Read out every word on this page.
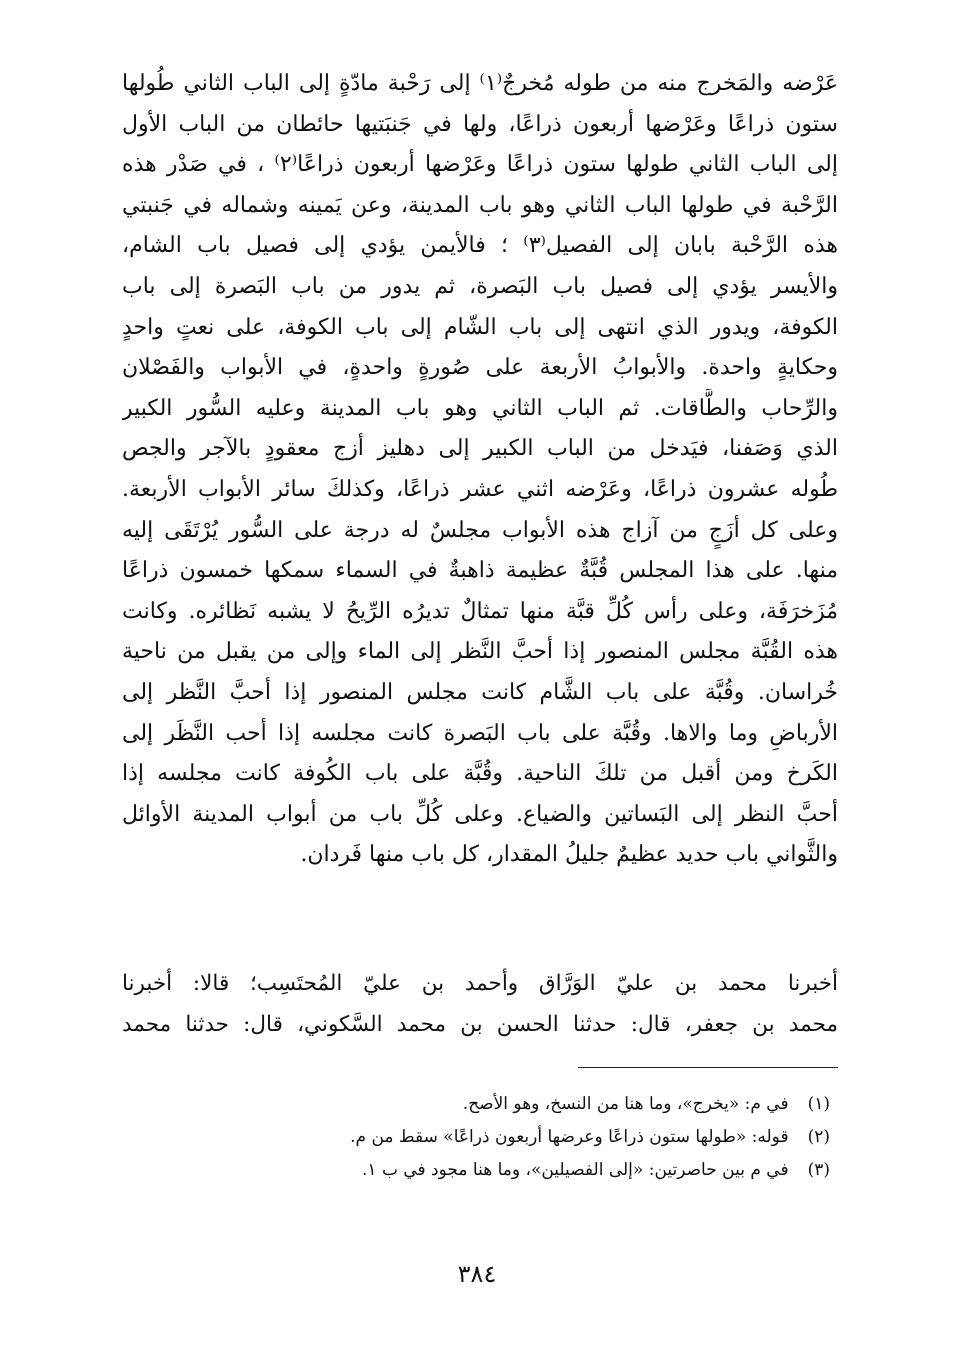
عَرْضه والمَخرج منه من طوله مُخرجٌ⁽١⁾ إلى رَحْبة مادّةٍ إلى الباب الثاني طُولها
ستون ذراعًا وعَرْضها أربعون ذراعًا، ولها في جَنبَتيها حائطان من الباب الأول
إلى الباب الثاني طولها ستون ذراعًا وعَرْضها أربعون ذراعًا⁽٢⁾ ، في صَدْر هذه
الرَّحْبة في طولها الباب الثاني وهو باب المدينة، وعن يَمينه وشماله في جَنبتي
هذه الرَّحْبة بابان إلى الفصيل⁽٣⁾ ؛ فالأيمن يؤدي إلى فصيل باب الشام،
والأيسر يؤدي إلى فصيل باب البَصرة، ثم يدور من باب البَصرة إلى باب
الكوفة، ويدور الذي انتهى إلى باب الشّام إلى باب الكوفة، على نعتٍ واحدٍ
وحكايةٍ واحدة. والأبوابُ الأربعة على صُورةٍ واحدةٍ، في الأبواب والفَصْلان
والرِّحاب والطَّاقات. ثم الباب الثاني وهو باب المدينة وعليه السُّور الكبير
الذي وَصَفنا، فيَدخل من الباب الكبير إلى دهليز أزج معقودٍ بالآجر والجص
طُوله عشرون ذراعًا، وعَرْضه اثني عشر ذراعًا، وكذلكَ سائر الأبواب الأربعة.
وعلى كل أزَجٍ من آزاج هذه الأبواب مجلسٌ له درجة على السُّور يُرْتَقَى إليه
منها. على هذا المجلس قُبَّةٌ عظيمة ذاهبةٌ في السماء سمكها خمسون ذراعًا
مُزَخرَفَة، وعلى رأس كُلِّ قبَّة منها تمثالٌ تديرُه الرِّيحُ لا يشبه نَظائره. وكانت
هذه القُبَّة مجلس المنصور إذا أحبَّ النَّظر إلى الماء وإلى من يقبل من ناحية
خُراسان. وقُبَّة على باب الشَّام كانت مجلس المنصور إذا أحبَّ النَّظر إلى
الأرباضِ وما والاها. وقُبَّة على باب البَصرة كانت مجلسه إذا أحب النَّظَر إلى
الكَرخ ومن أقبل من تلكَ الناحية. وقُبَّة على باب الكُوفة كانت مجلسه إذا
أحبَّ النظر إلى البَساتين والضياع. وعلى كُلِّ باب من أبواب المدينة الأوائل
والثَّواني باب حديد عظيمٌ جليلُ المقدار، كل باب منها فَردان.
أخبرنا محمد بن عليّ الوَرَّاق وأحمد بن عليّ المُحتَسِب؛ قالا: أخبرنا
محمد بن جعفر، قال: حدثنا الحسن بن محمد السَّكوني، قال: حدثنا محمد
(١) في م: «يخرج»، وما هنا من النسخ، وهو الأصح.
(٢) قوله: «طولها ستون ذراعًا وعرضها أربعون ذراعًا» سقط من م.
(٣) في م بين حاصرتين: «إلى الفصيلين»، وما هنا مجود في ب ١.
٣٨٤
